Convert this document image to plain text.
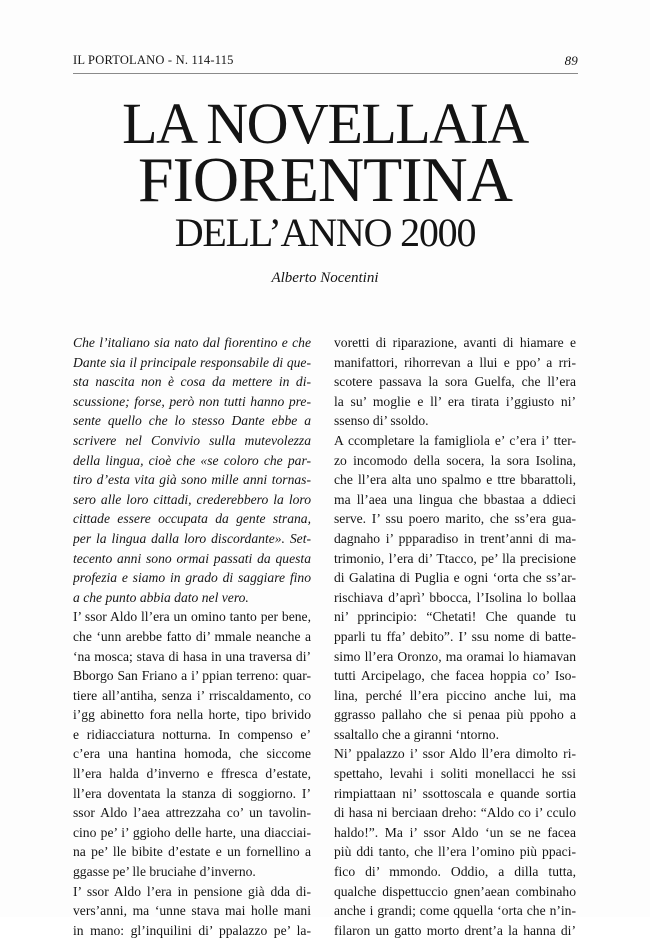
IL PORTOLANO - N. 114-115	89
LA NOVELLAIA
FIORENTINA
DELL’ANNO 2000
Alberto Nocentini
Che l’italiano sia nato dal fiorentino e che
Dante sia il principale responsabile di que-
sta nascita non è cosa da mettere in di-
scussione; forse, però non tutti hanno pre-
sente quello che lo stesso Dante ebbe a
scrivere nel Convivio sulla mutevolezza
della lingua, cioè che «se coloro che par-
tiro d’esta vita già sono mille anni tornas-
sero alle loro cittadi, crederebbero la loro
cittade essere occupata da gente strana,
per la lingua dalla loro discordante». Set-
tecento anni sono ormai passati da questa
profezia e siamo in grado di saggiare fino
a che punto abbia dato nel vero.
I’ ssor Aldo ll’era un omino tanto per bene,
che ‘unn arebbe fatto di’ mmale neanche a
‘na mosca; stava di hasa in una traversa di’
Bborgo San Friano a i’ ppian terreno: quar-
tiere all’antiha, senza i’ rriscaldamento, co
i’gg abinetto fora nella horte, tipo brivido
e ridiacciatura notturna. In compenso e’
c’era una hantina homoda, che siccome
ll’era halda d’inverno e ffresca d’estate,
ll’era doventata la stanza di soggiorno. I’
ssor Aldo l’aea attrezzaha co’ un tavolin-
cino pe’ i’ ggioho delle harte, una diacciai-
na pe’ lle bibite d’estate e un fornellino a
ggasse pe’ lle bruciahe d’inverno.
I’ ssor Aldo l’era in pensione già dda di-
vers’anni, ma ‘unne stava mai holle mani
in mano: gl’inquilini di’ ppalazzo pe’ la-
voretti di riparazione, avanti di hiamare e
manifattori, rihorrevan a llui e ppo’ a rri-
scotere passava la sora Guelfa, che ll’era
la su’ moglie e ll’ era tirata i’ggiusto ni’
ssenso di’ ssoldo.
A ccompletare la famigliola e’ c’era i’ tter-
zo incomodo della socera, la sora Isolina,
che ll’era alta uno spalmo e ttre bbarattoli,
ma ll’aea una lingua che bbastaa a ddieci
serve. I’ ssu poero marito, che ss’era gua-
dagnaho i’ ppparadiso in trent’anni di ma-
trimonio, l’era di’ Ttacco, pe’ lla precisione
di Galatina di Puglia e ogni ‘orta che ss’ar-
rischiava d’aprì’ bbocca, l’Isolina lo bollaa
ni’ pprincipio: “Chetati! Che quande tu
pparli tu ffa’ debito”. I’ ssu nome di batte-
simo ll’era Oronzo, ma oramai lo hiamavan
tutti Arcipelago, che facea hoppia co’ Iso-
lina, perché ll’era piccino anche lui, ma
ggrasso pallaho che si penaa più ppoho a
ssaltallo che a giranni ‘ntorno.
Ni’ ppalazzo i’ ssor Aldo ll’era dimolto ri-
spettaho, levahi i soliti monellacci he ssi
rimpiattaan ni’ ssottoscala e quande sortia
di hasa ni berciaan dreho: “Aldo co i’ cculo
haldo!”. Ma i’ ssor Aldo ‘un se ne facea
più ddi tanto, che ll’era l’omino più ppaci-
fico di’ mmondo. Oddio, a dilla tutta,
qualche dispettuccio gnen’aean combinaho
anche i grandi; come qquella ‘orta che n’in-
filaron un gatto morto drent’a la hanna di’
